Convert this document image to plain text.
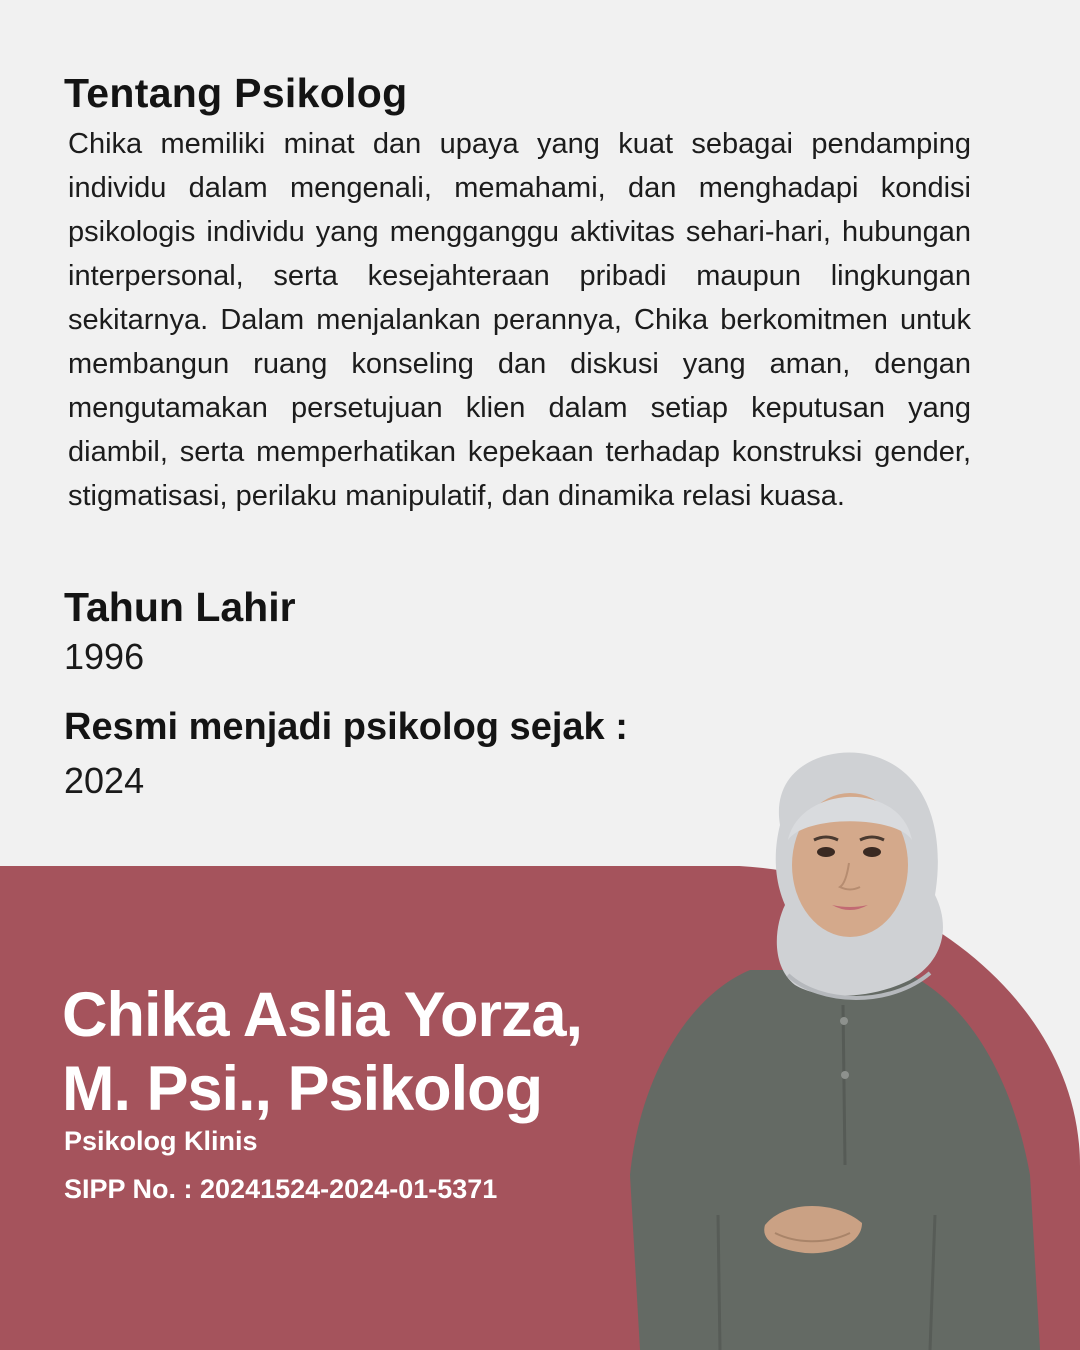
Tentang Psikolog

Chika memiliki minat dan upaya yang kuat sebagai pendamping individu dalam mengenali, memahami, dan menghadapi kondisi psikologis individu yang mengganggu aktivitas sehari-hari, hubungan interpersonal, serta kesejahteraan pribadi maupun lingkungan sekitarnya. Dalam menjalankan perannya, Chika berkomitmen untuk membangun ruang konseling dan diskusi yang aman, dengan mengutamakan persetujuan klien dalam setiap keputusan yang diambil, serta memperhatikan kepekaan terhadap konstruksi gender, stigmatisasi, perilaku manipulatif, dan dinamika relasi kuasa.

Tahun Lahir
1996
Resmi menjadi psikolog sejak :
2024
Chika Aslia Yorza,
M. Psi., Psikolog
Psikolog Klinis
SIPP No. : 20241524-2024-01-5371
